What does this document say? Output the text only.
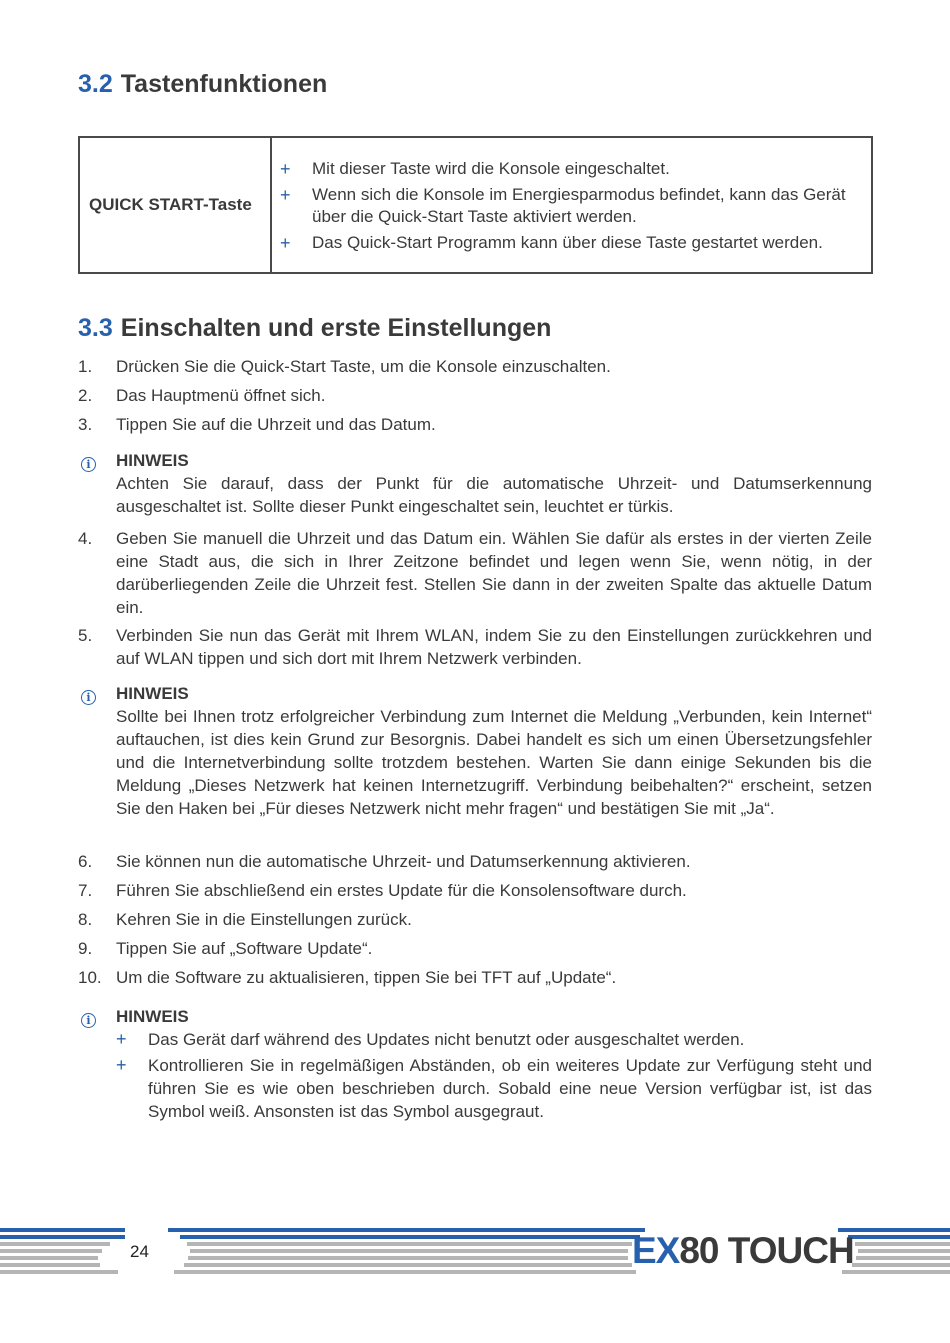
3.2 Tastenfunktionen
QUICK START-Taste
+	Mit dieser Taste wird die Konsole eingeschaltet.
+	Wenn sich die Konsole im Energiesparmodus befindet, kann das Gerät über die Quick-Start Taste aktiviert werden.
+	Das Quick-Start Programm kann über diese Taste gestartet werden.
3.3 Einschalten und erste Einstellungen
1.	Drücken Sie die Quick-Start Taste, um die Konsole einzuschalten.
2.	Das Hauptmenü öffnet sich.
3.	Tippen Sie auf die Uhrzeit und das Datum.
i	HINWEIS
Achten Sie darauf, dass der Punkt für die automatische Uhrzeit- und Datumserkennung ausgeschaltet ist. Sollte dieser Punkt eingeschaltet sein, leuchtet er türkis.
4.	Geben Sie manuell die Uhrzeit und das Datum ein. Wählen Sie dafür als erstes in der vierten Zeile eine Stadt aus, die sich in Ihrer Zeitzone befindet und legen wenn Sie, wenn nötig, in der darüberliegenden Zeile die Uhrzeit fest. Stellen Sie dann in der zweiten Spalte das aktuelle Datum ein.
5.	Verbinden Sie nun das Gerät mit Ihrem WLAN, indem Sie zu den Einstellungen zurückkehren und auf WLAN tippen und sich dort mit Ihrem Netzwerk verbinden.
i	HINWEIS
Sollte bei Ihnen trotz erfolgreicher Verbindung zum Internet die Meldung „Verbunden, kein Internet“ auftauchen, ist dies kein Grund zur Besorgnis. Dabei handelt es sich um einen Übersetzungsfehler und die Internetverbindung sollte trotzdem bestehen. Warten Sie dann einige Sekunden bis die Meldung „Dieses Netzwerk hat keinen Internetzugriff. Verbindung beibehalten?“ erscheint, setzen Sie den Haken bei „Für dieses Netzwerk nicht mehr fragen“ und bestätigen Sie mit „Ja“.
6.	Sie können nun die automatische Uhrzeit- und Datumserkennung aktivieren.
7.	Führen Sie abschließend ein erstes Update für die Konsolensoftware durch.
8.	Kehren Sie in die Einstellungen zurück.
9.	Tippen Sie auf „Software Update“.
10. Um die Software zu aktualisieren, tippen Sie bei TFT auf „Update“.
i	HINWEIS
+	Das Gerät darf während des Updates nicht benutzt oder ausgeschaltet werden.
+	Kontrollieren Sie in regelmäßigen Abständen, ob ein weiteres Update zur Verfügung steht und führen Sie es wie oben beschrieben durch. Sobald eine neue Version verfügbar ist, ist das Symbol weiß. Ansonsten ist das Symbol ausgegraut.
24	EX80 TOUCH
